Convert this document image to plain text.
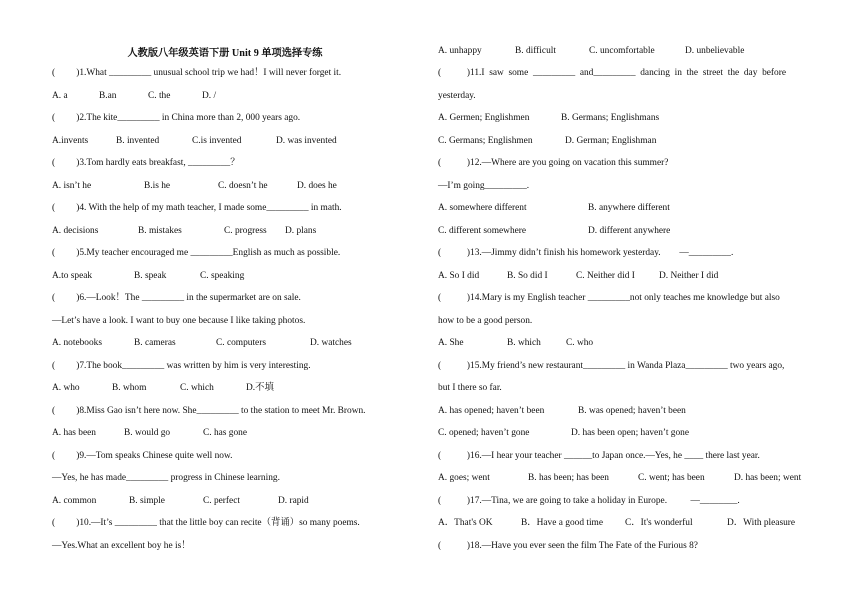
人教版八年级英语下册 Unit 9 单项选择专练
(         )1.What _________ unusual school trip we had！I will never forget it.
A. a	B.an	C. the	D. /
(         )2.The kite_________ in China more than 2, 000 years ago.
A.invents	B. invented	C.is invented	D. was invented
(         )3.Tom hardly eats breakfast, _________？
A. isn’t he	B.is he	C. doesn’t he	D. does he
(         )4. With the help of my math teacher, I made some_________ in math.
A. decisions	B. mistakes	C. progress	D. plans
(         )5.My teacher encouraged me _________English as much as possible.
A.to speak	B. speak	C. speaking
(         )6.—Look！The _________ in the supermarket are on sale.
—Let’s have a look. I want to buy one because I like taking photos.
A. notebooks	B. cameras	C. computers	D. watches
(         )7.The book_________ was written by him is very interesting.
A. who	B. whom	C. which	D.不填
(         )8.Miss Gao isn’t here now. She_________ to the station to meet Mr. Brown.
A. has been	B. would go	C. has gone
(         )9.—Tom speaks Chinese quite well now.
—Yes, he has made_________ progress in Chinese learning.
A. common	B. simple	C. perfect	D. rapid
(         )10.—It’s _________ that the little boy can recite（背诵）so many poems.
—Yes.What an excellent boy he is！
A. unhappy	B. difficult	C. uncomfortable	D. unbelievable
(           )11.I  saw  some  _________  and_________  dancing  in  the  street  the  day  before
yesterday.
A. Germen; Englishmen	B. Germans; Englishmans
C. Germans; Englishmen	D. German; Englishman
(           )12.—Where are you going on vacation this summer?
—I’m going_________.
A. somewhere different	B. anywhere different
C. different somewhere	D. different anywhere
(           )13.—Jimmy didn’t finish his homework yesterday.        —_________.
A. So I did	B. So did I	C. Neither did I	D. Neither I did
(           )14.Mary is my English teacher _________not only teaches me knowledge but also
how to be a good person.
A. She	B. which	C. who
(           )15.My friend’s new restaurant_________ in Wanda Plaza_________ two years ago,
but I there so far.
A. has opened; haven’t been	B. was opened; haven’t been
C. opened; haven’t gone	D. has been open; haven’t gone
(           )16.—I hear your teacher ______to Japan once.—Yes, he ____ there last year.
A. goes; went	B. has been; has been	C. went; has been	D. has been; went
(           )17.—Tina, we are going to take a holiday in Europe.          —________.
A．That's OK	B．Have a good time	C．It's wonderful	D．With pleasure
(           )18.—Have you ever seen the film The Fate of the Furious 8?
